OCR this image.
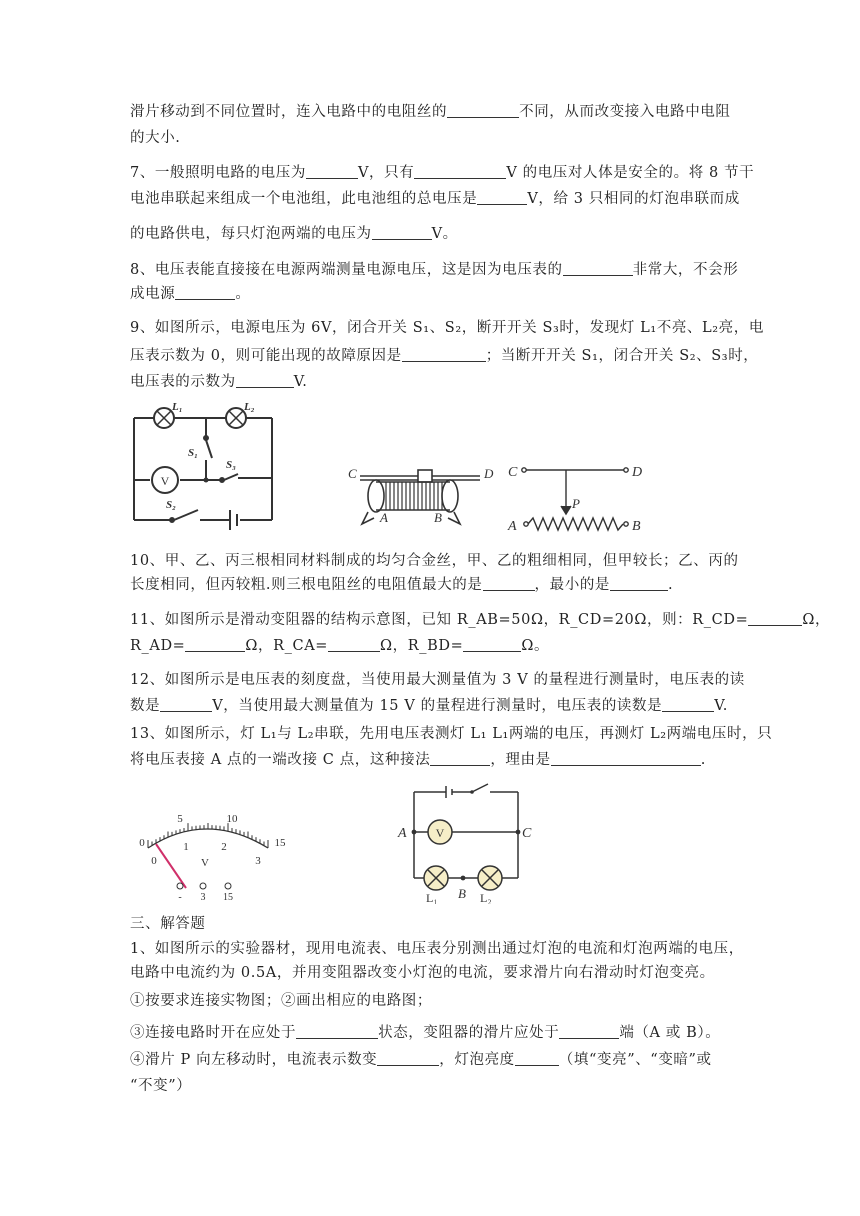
滑片移动到不同位置时，连入电路中的电阻丝的	不同，从而改变接入电路中电阻
的大小.
7、一般照明电路的电压为	V，只有	V 的电压对人体是安全的。将 8 节干
电池串联起来组成一个电池组，此电池组的总电压是	V，给 3 只相同的灯泡串联而成
的电路供电，每只灯泡两端的电压为	V。
8、电压表能直接接在电源两端测量电源电压，这是因为电压表的	非常大，不会形
成电源	。
9、如图所示，电源电压为 6V，闭合开关 S₁、S₂，断开开关 S₃时，发现灯 L₁不亮、L₂亮，电
压表示数为 0，则可能出现的故障原因是	；当断开开关 S₁，闭合开关 S₂、S₃时，
电压表的示数为	V.
10、甲、乙、丙三根相同材料制成的均匀合金丝，甲、乙的粗细相同，但甲较长；乙、丙的
长度相同，但丙较粗.则三根电阻丝的电阻值最大的是	，最小的是	.
11、如图所示是滑动变阻器的结构示意图，已知 R_AB=50Ω，R_CD=20Ω，则：R_CD=	Ω，
R_AD=	Ω，R_CA=	Ω，R_BD=	Ω。
12、如图所示是电压表的刻度盘，当使用最大测量值为 3 V 的量程进行测量时，电压表的读
数是	V，当使用最大测量值为 15 V 的量程进行测量时，电压表的读数是	V.
13、如图所示，灯 L₁与 L₂串联，先用电压表测灯 L₁ L₁两端的电压，再测灯 L₂两端电压时，只
将电压表接 A 点的一端改接 C 点，这种接法	，理由是	.
三、解答题
1、如图所示的实验器材，现用电流表、电压表分别测出通过灯泡的电流和灯泡两端的电压，
电路中电流约为 0.5A，并用变阻器改变小灯泡的电流，要求滑片向右滑动时灯泡变亮。
①按要求连接实物图；②画出相应的电路图；
③连接电路时开在应处于	状态，变阻器的滑片应处于	端（A 或 B）。
④滑片 P 向左移动时，电流表示数变	，灯泡亮度	（填“变亮”、“变暗”或
“不变”）
V
L₁	L₂
S₁
S₃
S₂
C	D
A	B
C	D
P
A	B
0
5	10
15
0
1	2
3
V
- 3 15
V
A	C
B
L₁	L₂
